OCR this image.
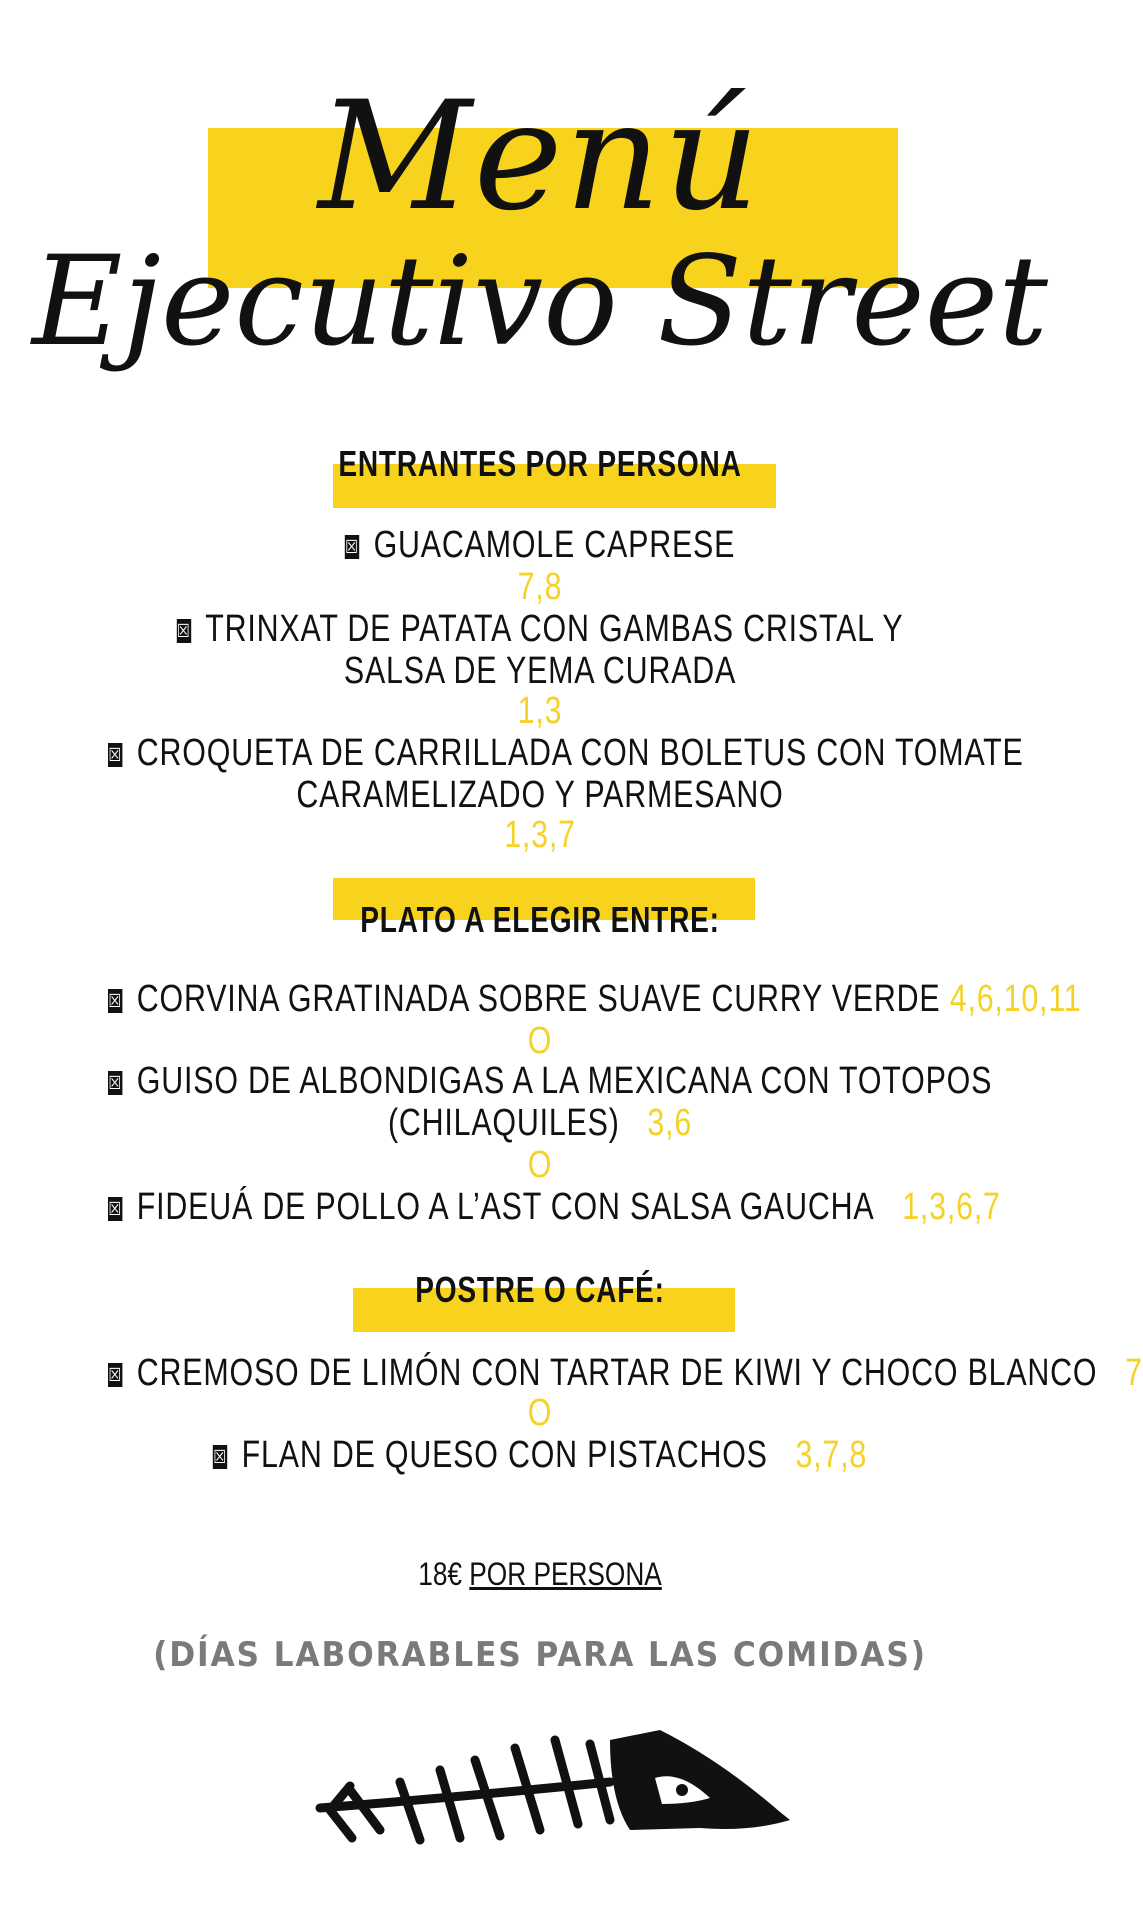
Menú
Ejecutivo Street
ENTRANTES POR PERSONA
☒ GUACAMOLE CAPRESE
7,8
☒ TRINXAT DE PATATA CON GAMBAS CRISTAL Y
SALSA DE YEMA CURADA
1,3
☒ CROQUETA DE CARRILLADA CON BOLETUS CON TOMATE
CARAMELIZADO Y PARMESANO
1,3,7
PLATO A ELEGIR ENTRE:
☒ CORVINA GRATINADA SOBRE SUAVE CURRY VERDE 4,6,10,11
O
☒ GUISO DE ALBONDIGAS A LA MEXICANA CON TOTOPOS
(CHILAQUILES) 3,6
O
☒ FIDEUÁ DE POLLO A L’AST CON SALSA GAUCHA 1,3,6,7
POSTRE O CAFÉ:
☒ CREMOSO DE LIMÓN CON TARTAR DE KIWI Y CHOCO BLANCO 7
O
☒ FLAN DE QUESO CON PISTACHOS 3,7,8
18€ POR PERSONA
(DÍAS LABORABLES PARA LAS COMIDAS)
